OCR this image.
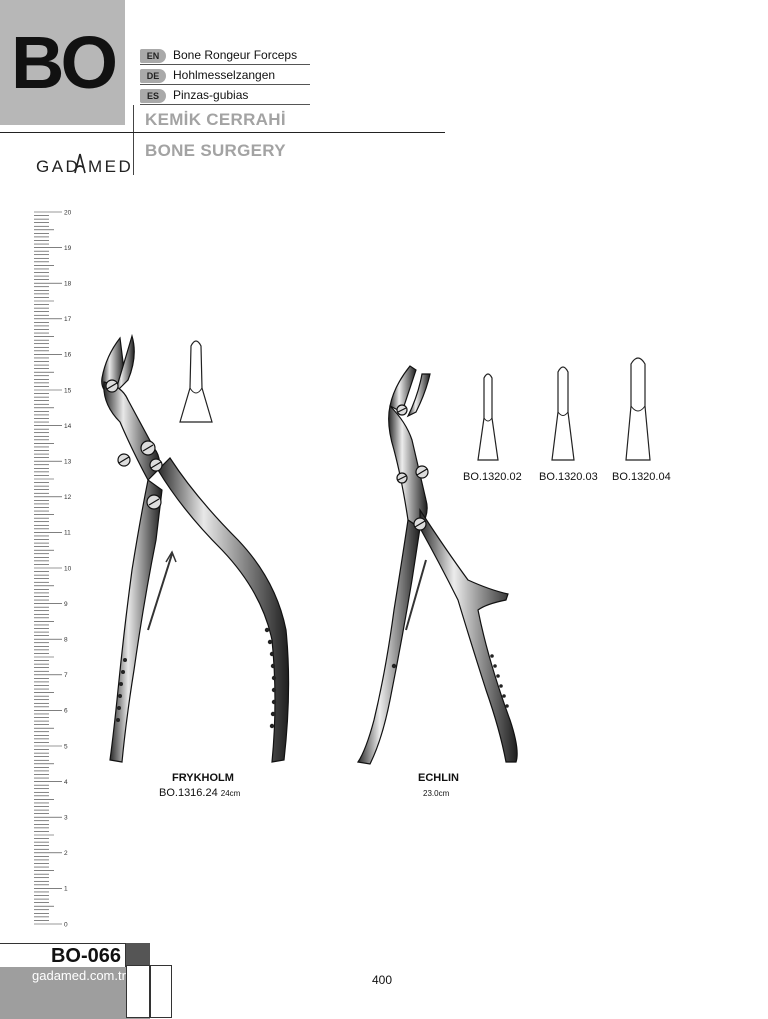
BO	EN	Bone Rongeur Forceps
DE	Hohlmesselzangen
ES	Pinzas-gubias
KEMİK CERRAHİ
BONE SURGERY
GAD MED
20
19
18
17
16
15
14
13
12
11
10
9
8
7
6
5
4
3
2
1
0
BO.1320.02 BO.1320.03 BO.1320.04
FRYKHOLM
BO.1316.24 24cm
ECHLIN
23.0cm
BO-066
gadamed.com.tr	400
